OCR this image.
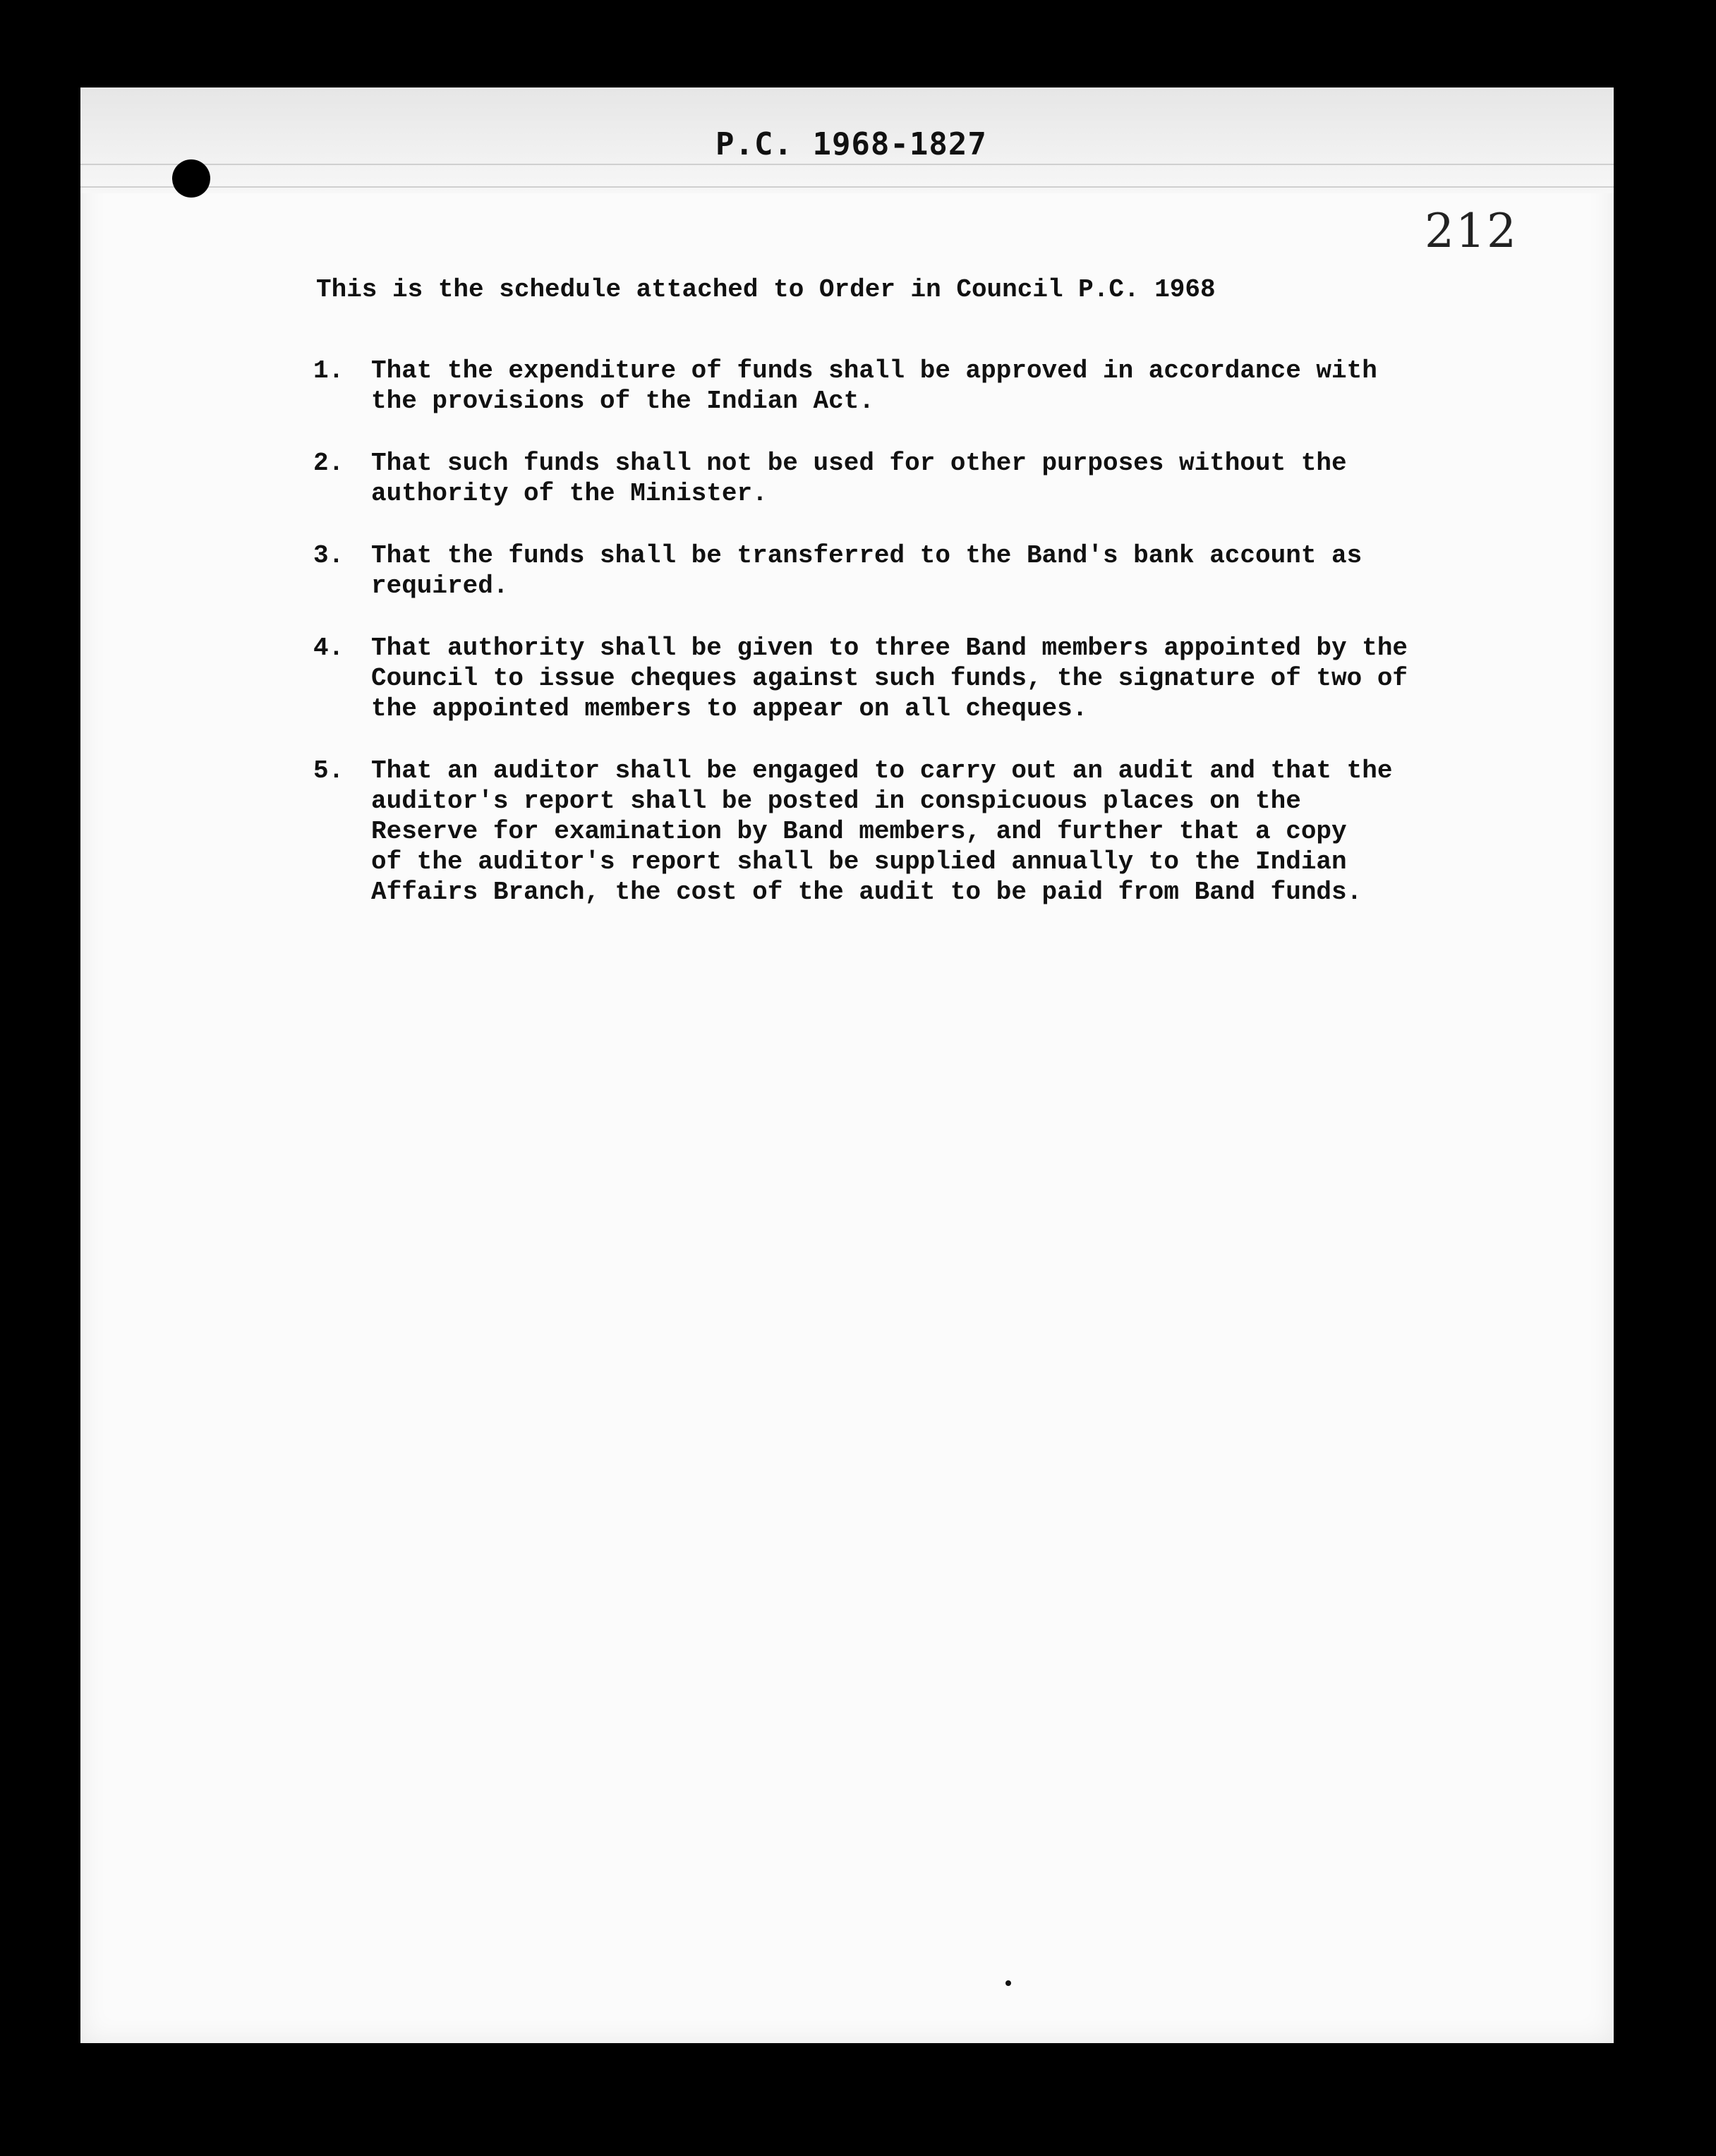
P.C. 1968-1827
212
This is the schedule attached to Order in Council P.C. 1968
1. That the expenditure of funds shall be approved in accordance with
the provisions of the Indian Act.
2. That such funds shall not be used for other purposes without the
authority of the Minister.
3. That the funds shall be transferred to the Band's bank account as
required.
4. That authority shall be given to three Band members appointed by the
Council to issue cheques against such funds, the signature of two of
the appointed members to appear on all cheques.
5. That an auditor shall be engaged to carry out an audit and that the
auditor's report shall be posted in conspicuous places on the
Reserve for examination by Band members, and further that a copy
of the auditor's report shall be supplied annually to the Indian
Affairs Branch, the cost of the audit to be paid from Band funds.
